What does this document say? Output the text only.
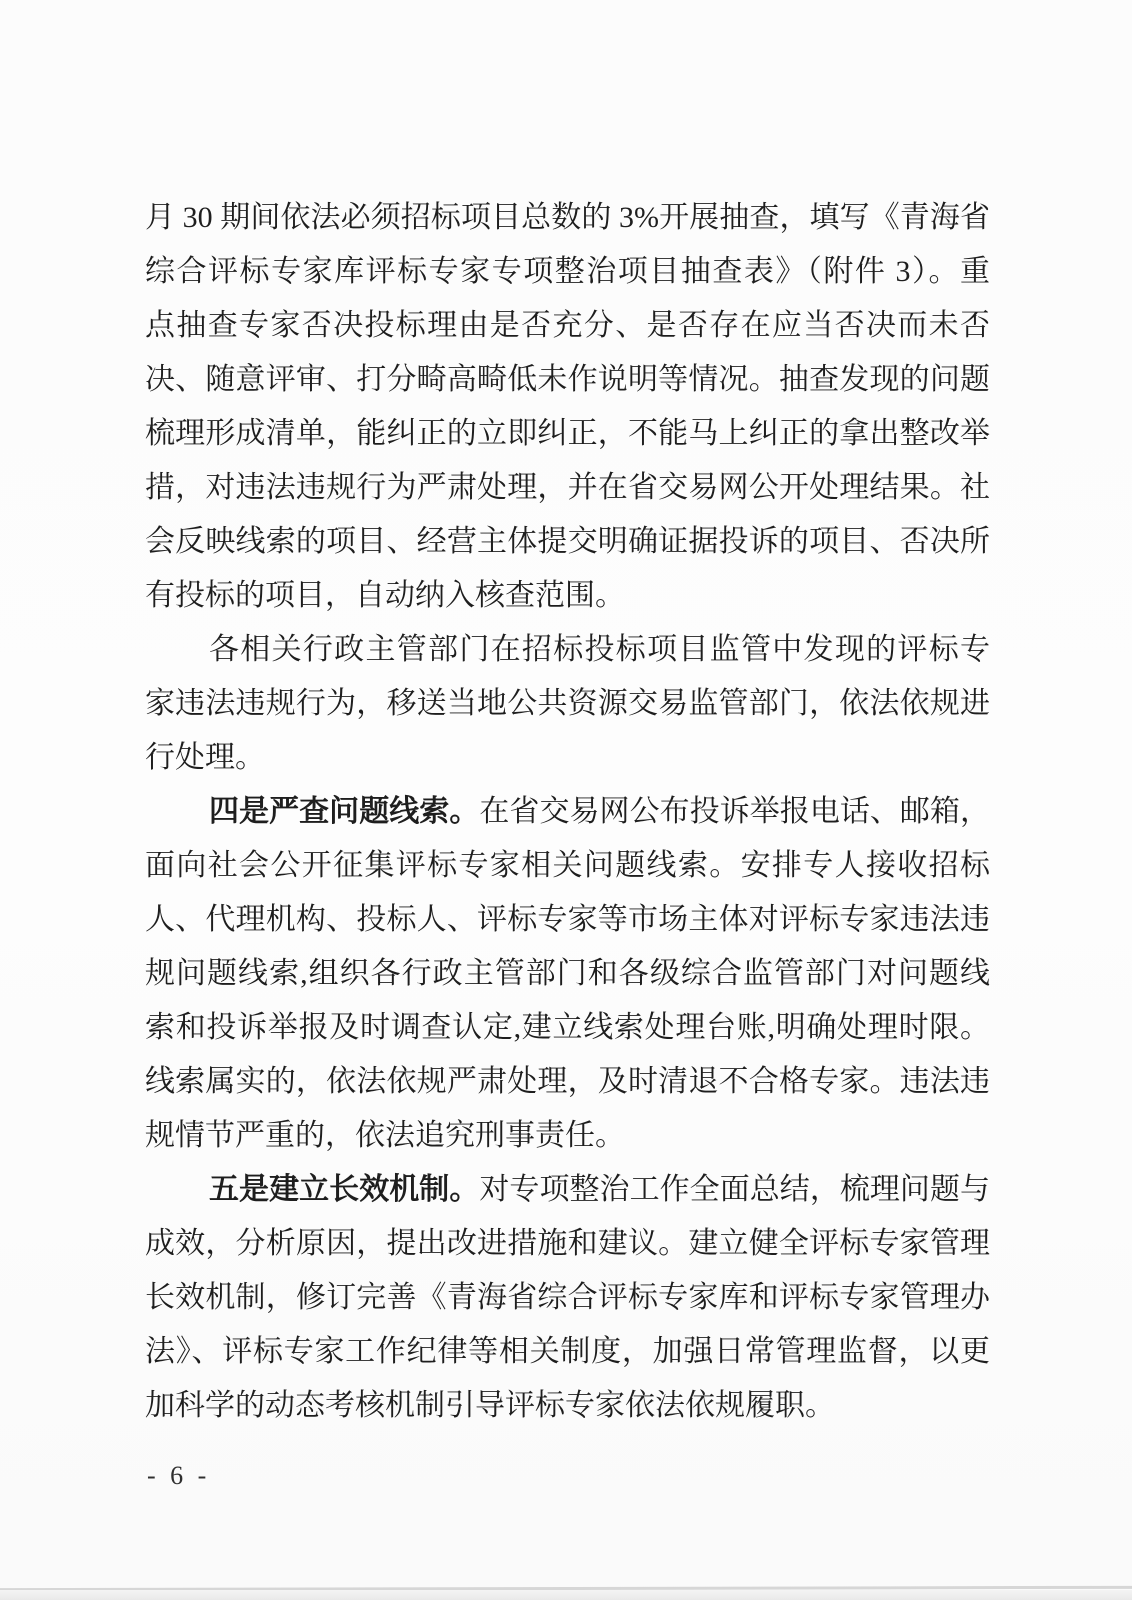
月 30 期间依法必须招标项目总数的 3%开展抽查，填写《青海省
综合评标专家库评标专家专项整治项目抽查表》（附件 3）。重
点抽查专家否决投标理由是否充分、是否存在应当否决而未否
决、随意评审、打分畸高畸低未作说明等情况。抽查发现的问题
梳理形成清单，能纠正的立即纠正，不能马上纠正的拿出整改举
措，对违法违规行为严肃处理，并在省交易网公开处理结果。社
会反映线索的项目、经营主体提交明确证据投诉的项目、否决所
有投标的项目，自动纳入核查范围。
各相关行政主管部门在招标投标项目监管中发现的评标专
家违法违规行为，移送当地公共资源交易监管部门，依法依规进
行处理。
四是严查问题线索。在省交易网公布投诉举报电话、邮箱，
面向社会公开征集评标专家相关问题线索。安排专人接收招标
人、代理机构、投标人、评标专家等市场主体对评标专家违法违
规问题线索,组织各行政主管部门和各级综合监管部门对问题线
索和投诉举报及时调查认定,建立线索处理台账,明确处理时限。
线索属实的，依法依规严肃处理，及时清退不合格专家。违法违
规情节严重的，依法追究刑事责任。
五是建立长效机制。对专项整治工作全面总结，梳理问题与
成效，分析原因，提出改进措施和建议。建立健全评标专家管理
长效机制，修订完善《青海省综合评标专家库和评标专家管理办
法》、评标专家工作纪律等相关制度，加强日常管理监督，以更
加科学的动态考核机制引导评标专家依法依规履职。
- 6 -
